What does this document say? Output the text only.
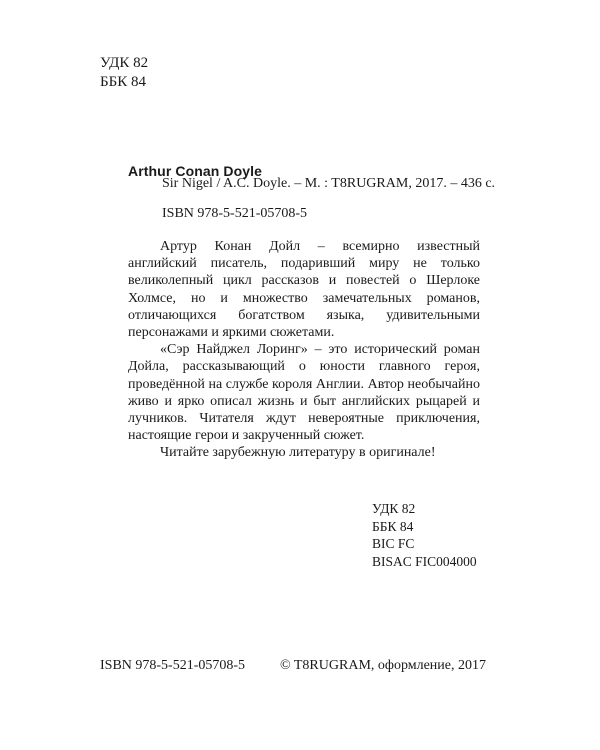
УДК 82
ББК 84
Arthur Conan Doyle
Sir Nigel / A.C. Doyle. – M. : T8RUGRAM, 2017. – 436 с.
ISBN 978-5-521-05708-5

Артур Конан Дойл – всемирно известный английский писатель, подаривший миру не только великолепный цикл рассказов и повестей о Шерлоке Холмсе, но и множество замечательных романов, отличающихся богатством языка, удивительными персонажами и яркими сюжетами.

«Сэр Найджел Лоринг» – это исторический роман Дойла, рассказывающий о юности главного героя, проведённой на службе короля Англии. Автор необычайно живо и ярко описал жизнь и быт английских рыцарей и лучников. Читателя ждут невероятные приключения, настоящие герои и закрученный сюжет.

Читайте зарубежную литературу в оригинале!

УДК 82
ББК 84
BIC FC
BISAC FIC004000
ISBN 978-5-521-05708-5 © T8RUGRAM, оформление, 2017
